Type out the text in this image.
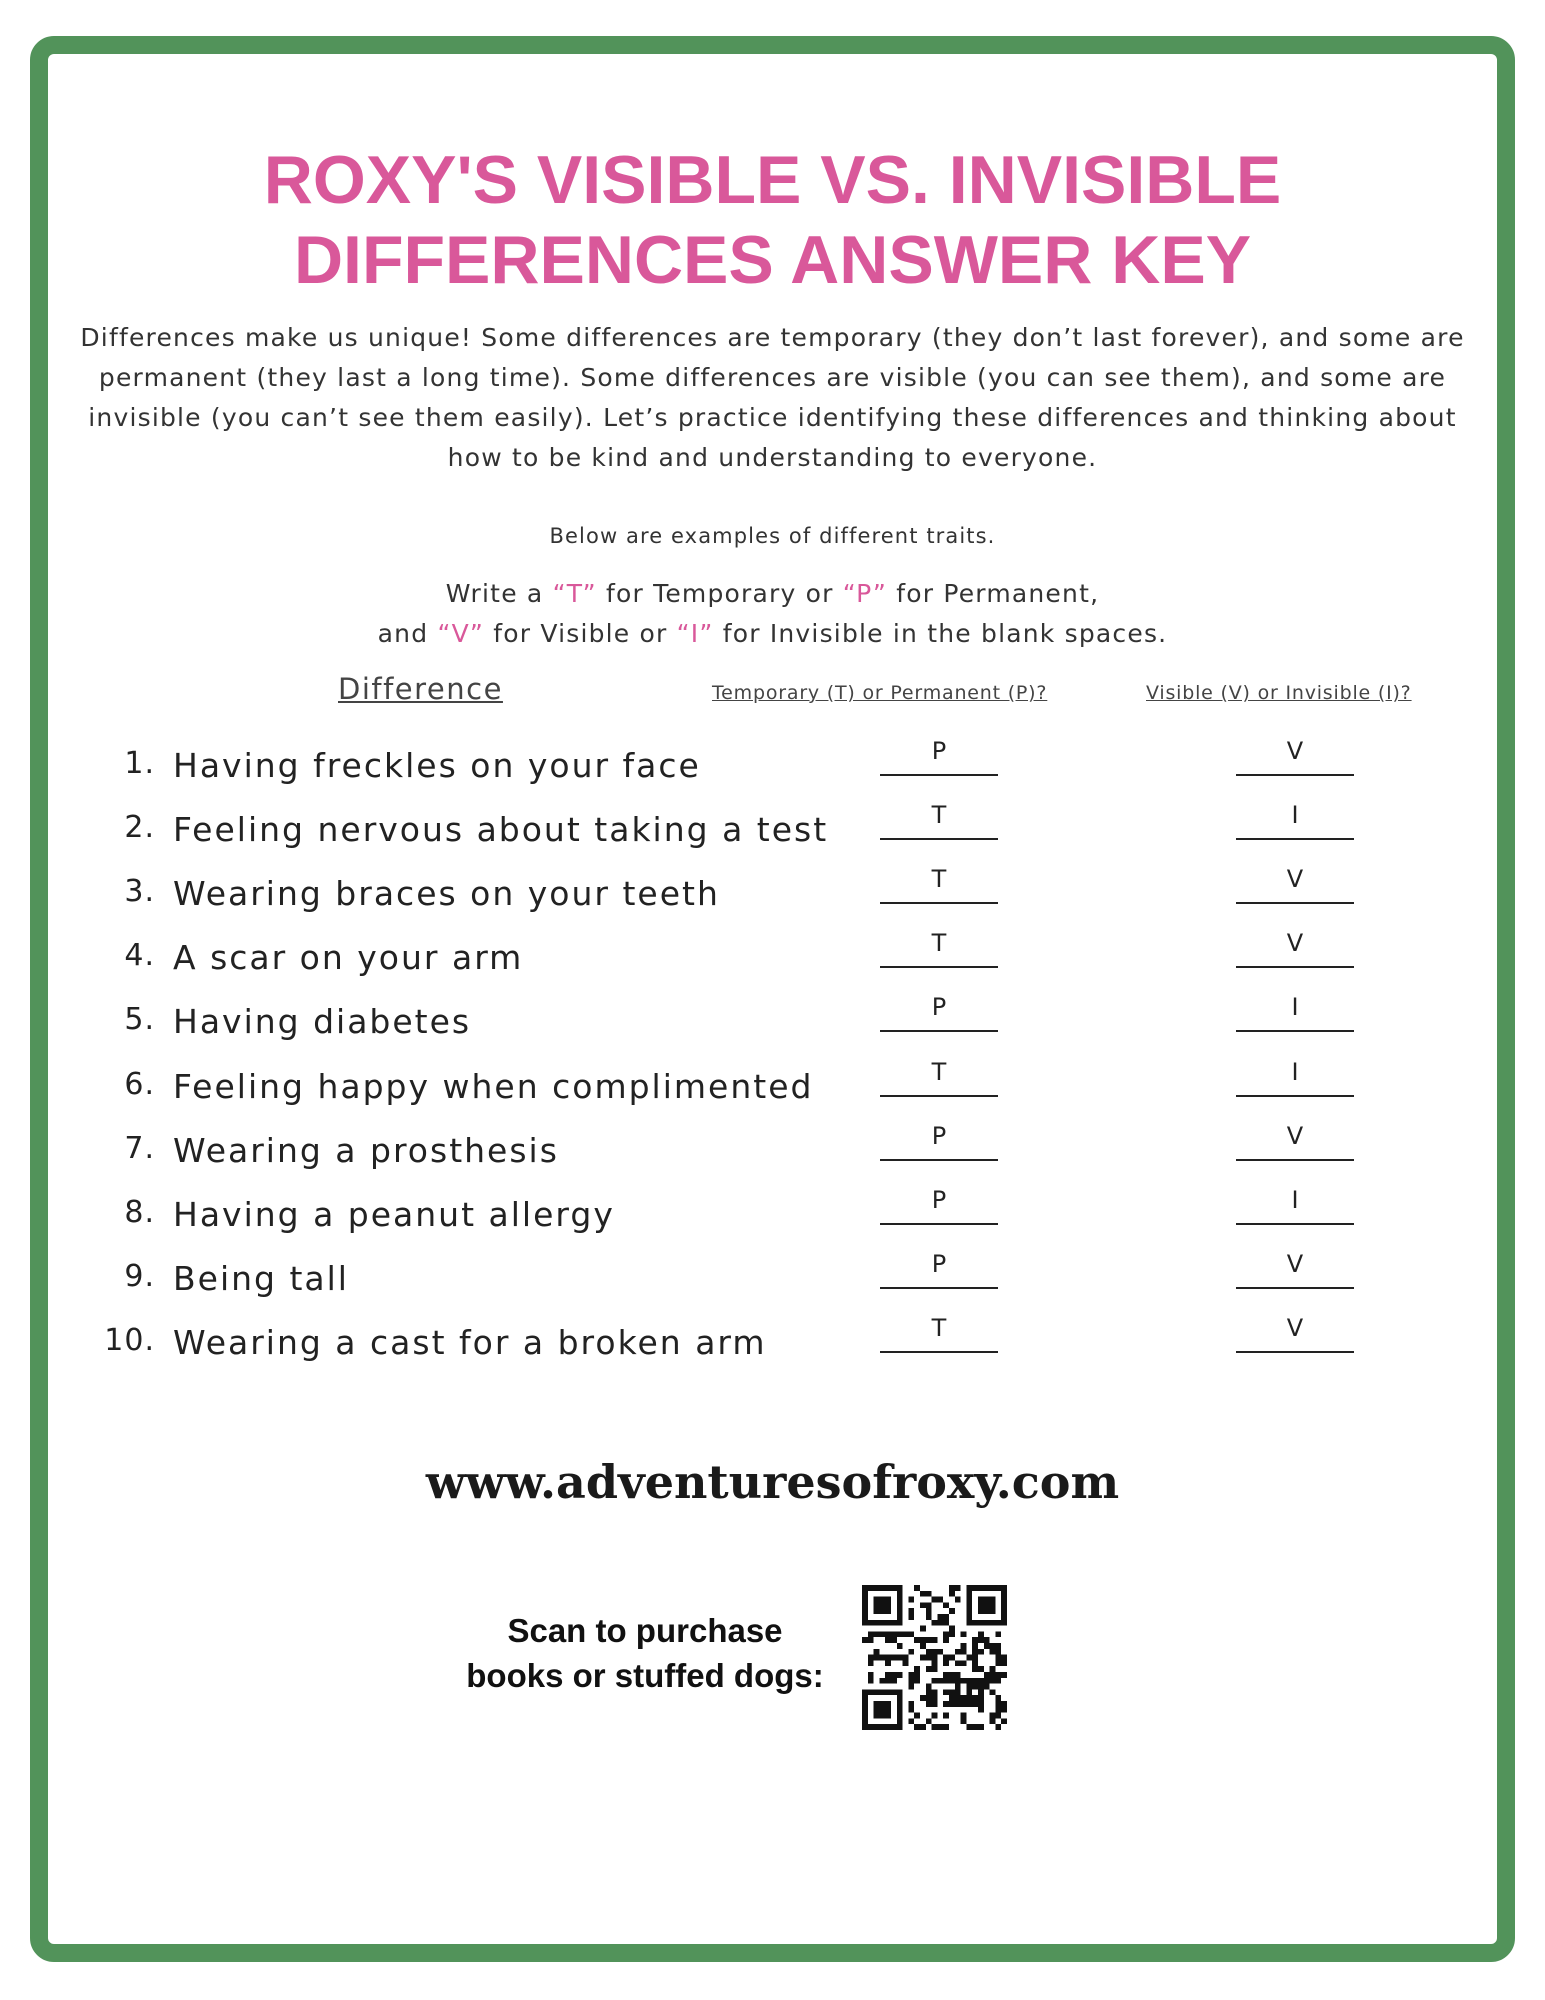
ROXY'S VISIBLE VS. INVISIBLE
DIFFERENCES ANSWER KEY
Differences make us unique! Some differences are temporary (they don’t last forever), and some are permanent (they last a long time). Some differences are visible (you can see them), and some are invisible (you can’t see them easily). Let’s practice identifying these differences and thinking about how to be kind and understanding to everyone.
Below are examples of different traits.
Write a “T” for Temporary or “P” for Permanent,
and “V” for Visible or “I” for Invisible in the blank spaces.
Difference	Temporary (T) or Permanent (P)?	Visible (V) or Invisible (I)?
1. Having freckles on your face	P	V
2. Feeling nervous about taking a test	T	I
3. Wearing braces on your teeth	T	V
4. A scar on your arm	T	V
5. Having diabetes	P	I
6. Feeling happy when complimented	T	I
7. Wearing a prosthesis	P	V
8. Having a peanut allergy	P	I
9. Being tall	P	V
10. Wearing a cast for a broken arm	T	V
www.adventuresofroxy.com
Scan to purchase
books or stuffed dogs:
